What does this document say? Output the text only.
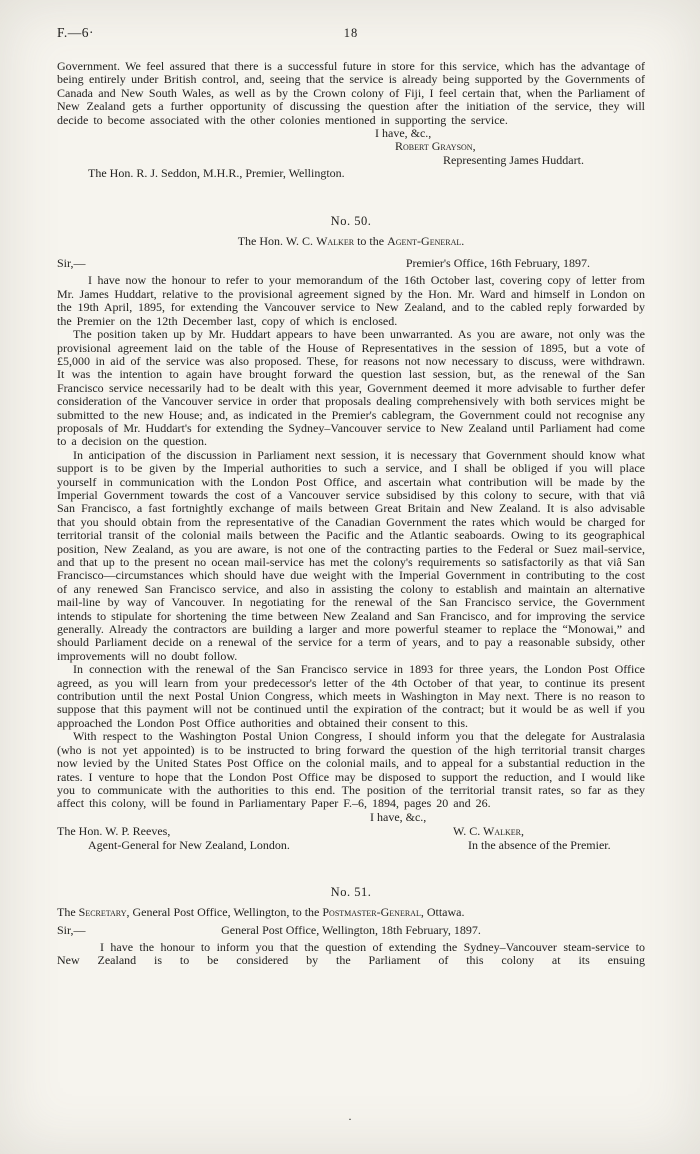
F.—6·	18

Government. We feel assured that there is a successful future in store for this service, which has the advantage of being entirely under British control, and, seeing that the service is already being supported by the Governments of Canada and New South Wales, as well as by the Crown colony of Fiji, I feel certain that, when the Parliament of New Zealand gets a further opportunity of discussing the question after the initiation of the service, they will decide to become associated with the other colonies mentioned in supporting the service.

I have, &c.,
Robert Grayson,
Representing James Huddart.
The Hon. R. J. Seddon, M.H.R., Premier, Wellington.
No. 50.
The Hon. W. C. Walker to the Agent-General.
Sir,—	Premier's Office, 16th February, 1897.

I have now the honour to refer to your memorandum of the 16th October last, covering copy of letter from Mr. James Huddart, relative to the provisional agreement signed by the Hon. Mr. Ward and himself in London on the 19th April, 1895, for extending the Vancouver service to New Zealand, and to the cabled reply forwarded by the Premier on the 12th December last, copy of which is enclosed.

The position taken up by Mr. Huddart appears to have been unwarranted. As you are aware, not only was the provisional agreement laid on the table of the House of Representatives in the session of 1895, but a vote of £5,000 in aid of the service was also proposed. These, for reasons not now necessary to discuss, were withdrawn. It was the intention to again have brought forward the question last session, but, as the renewal of the San Francisco service necessarily had to be dealt with this year, Government deemed it more advisable to further defer consideration of the Vancouver service in order that proposals dealing comprehensively with both services might be submitted to the new House; and, as indicated in the Premier's cablegram, the Government could not recognise any proposals of Mr. Huddart's for extending the Sydney–Vancouver service to New Zealand until Parliament had come to a decision on the question.

In anticipation of the discussion in Parliament next session, it is necessary that Government should know what support is to be given by the Imperial authorities to such a service, and I shall be obliged if you will place yourself in communication with the London Post Office, and ascertain what contribution will be made by the Imperial Government towards the cost of a Vancouver service subsidised by this colony to secure, with that viâ San Francisco, a fast fortnightly exchange of mails between Great Britain and New Zealand. It is also advisable that you should obtain from the representative of the Canadian Government the rates which would be charged for territorial transit of the colonial mails between the Pacific and the Atlantic seaboards. Owing to its geographical position, New Zealand, as you are aware, is not one of the contracting parties to the Federal or Suez mail-service, and that up to the present no ocean mail-service has met the colony's requirements so satisfactorily as that viâ San Francisco—circumstances which should have due weight with the Imperial Government in contributing to the cost of any renewed San Francisco service, and also in assisting the colony to establish and maintain an alternative mail-line by way of Vancouver. In negotiating for the renewal of the San Francisco service, the Government intends to stipulate for shortening the time between New Zealand and San Francisco, and for improving the service generally. Already the contractors are building a larger and more powerful steamer to replace the “Monowai,” and should Parliament decide on a renewal of the service for a term of years, and to pay a reasonable subsidy, other improvements will no doubt follow.

In connection with the renewal of the San Francisco service in 1893 for three years, the London Post Office agreed, as you will learn from your predecessor's letter of the 4th October of that year, to continue its present contribution until the next Postal Union Congress, which meets in Washington in May next. There is no reason to suppose that this payment will not be continued until the expiration of the contract; but it would be as well if you approached the London Post Office authorities and obtained their consent to this.

With respect to the Washington Postal Union Congress, I should inform you that the delegate for Australasia (who is not yet appointed) is to be instructed to bring forward the question of the high territorial transit charges now levied by the United States Post Office on the colonial mails, and to appeal for a substantial reduction in the rates. I venture to hope that the London Post Office may be disposed to support the reduction, and I would like you to communicate with the authorities to this end. The position of the territorial transit rates, so far as they affect this colony, will be found in Parliamentary Paper F.–6, 1894, pages 20 and 26.

I have, &c.,
The Hon. W. P. Reeves,
Agent-General for New Zealand, London.
W. C. Walker,
In the absence of the Premier.
No. 51.
The Secretary, General Post Office, Wellington, to the Postmaster-General, Ottawa.
General Post Office, Wellington, 18th February, 1897.
Sir,—

I have the honour to inform you that the question of extending the Sydney–Vancouver steam-service to New Zealand is to be considered by the Parliament of this colony at its ensuing

·
